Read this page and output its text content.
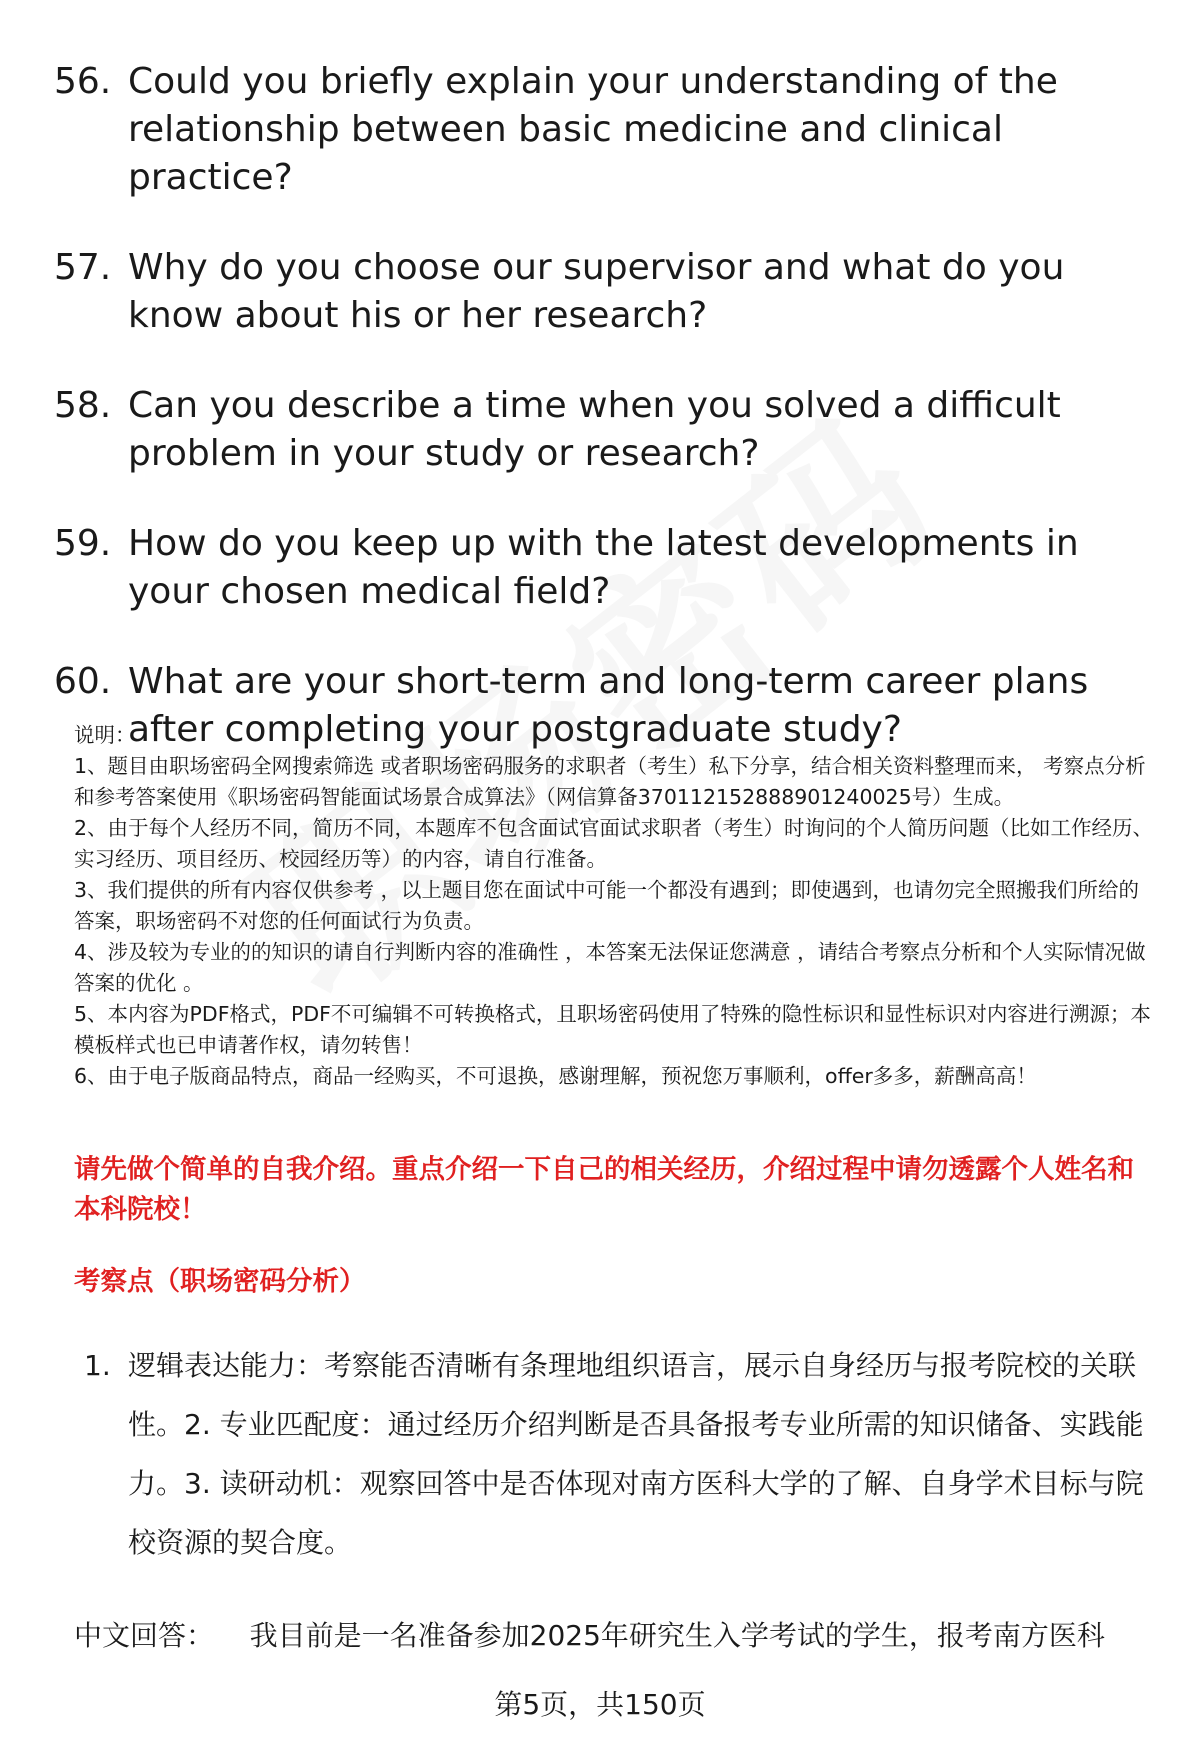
56. Could you briefly explain your understanding of the relationship between basic medicine and clinical practice?
57. Why do you choose our supervisor and what do you know about his or her research?
58. Can you describe a time when you solved a difficult problem in your study or research?
59. How do you keep up with the latest developments in your chosen medical field?
60. What are your short-term and long-term career plans after completing your postgraduate study?

说明：

1、题目由职场密码全网搜索筛选 或者职场密码服务的求职者（考生）私下分享，结合相关资料整理而来， 考察点分析和参考答案使用《职场密码智能面试场景合成算法》（网信算备370112152888901240025号）生成。

2、由于每个人经历不同，简历不同，本题库不包含面试官面试求职者（考生）时询问的个人简历问题（比如工作经历、实习经历、项目经历、校园经历等）的内容，请自行准备。

3、我们提供的所有内容仅供参考 ，以上题目您在面试中可能一个都没有遇到；即使遇到，也请勿完全照搬我们所给的答案，职场密码不对您的任何面试行为负责。

4、涉及较为专业的的知识的请自行判断内容的准确性 ，本答案无法保证您满意 ，请结合考察点分析和个人实际情况做答案的优化 。

5、本内容为PDF格式，PDF不可编辑不可转换格式，且职场密码使用了特殊的隐性标识和显性标识对内容进行溯源；本模板样式也已申请著作权，请勿转售！

6、由于电子版商品特点，商品一经购买，不可退换，感谢理解，预祝您万事顺利，offer多多，薪酬高高！

请先做个简单的自我介绍。重点介绍一下自己的相关经历，介绍过程中请勿透露个人姓名和本科院校！
考察点（职场密码分析）
1. 逻辑表达能力：考察能否清晰有条理地组织语言，展示自身经历与报考院校的关联性。2. 专业匹配度：通过经历介绍判断是否具备报考专业所需的知识储备、实践能力。3. 读研动机：观察回答中是否体现对南方医科大学的了解、自身学术目标与院校资源的契合度。
中文回答： 我目前是一名准备参加2025年研究生入学考试的学生，报考南方医科
第5页，共150页
